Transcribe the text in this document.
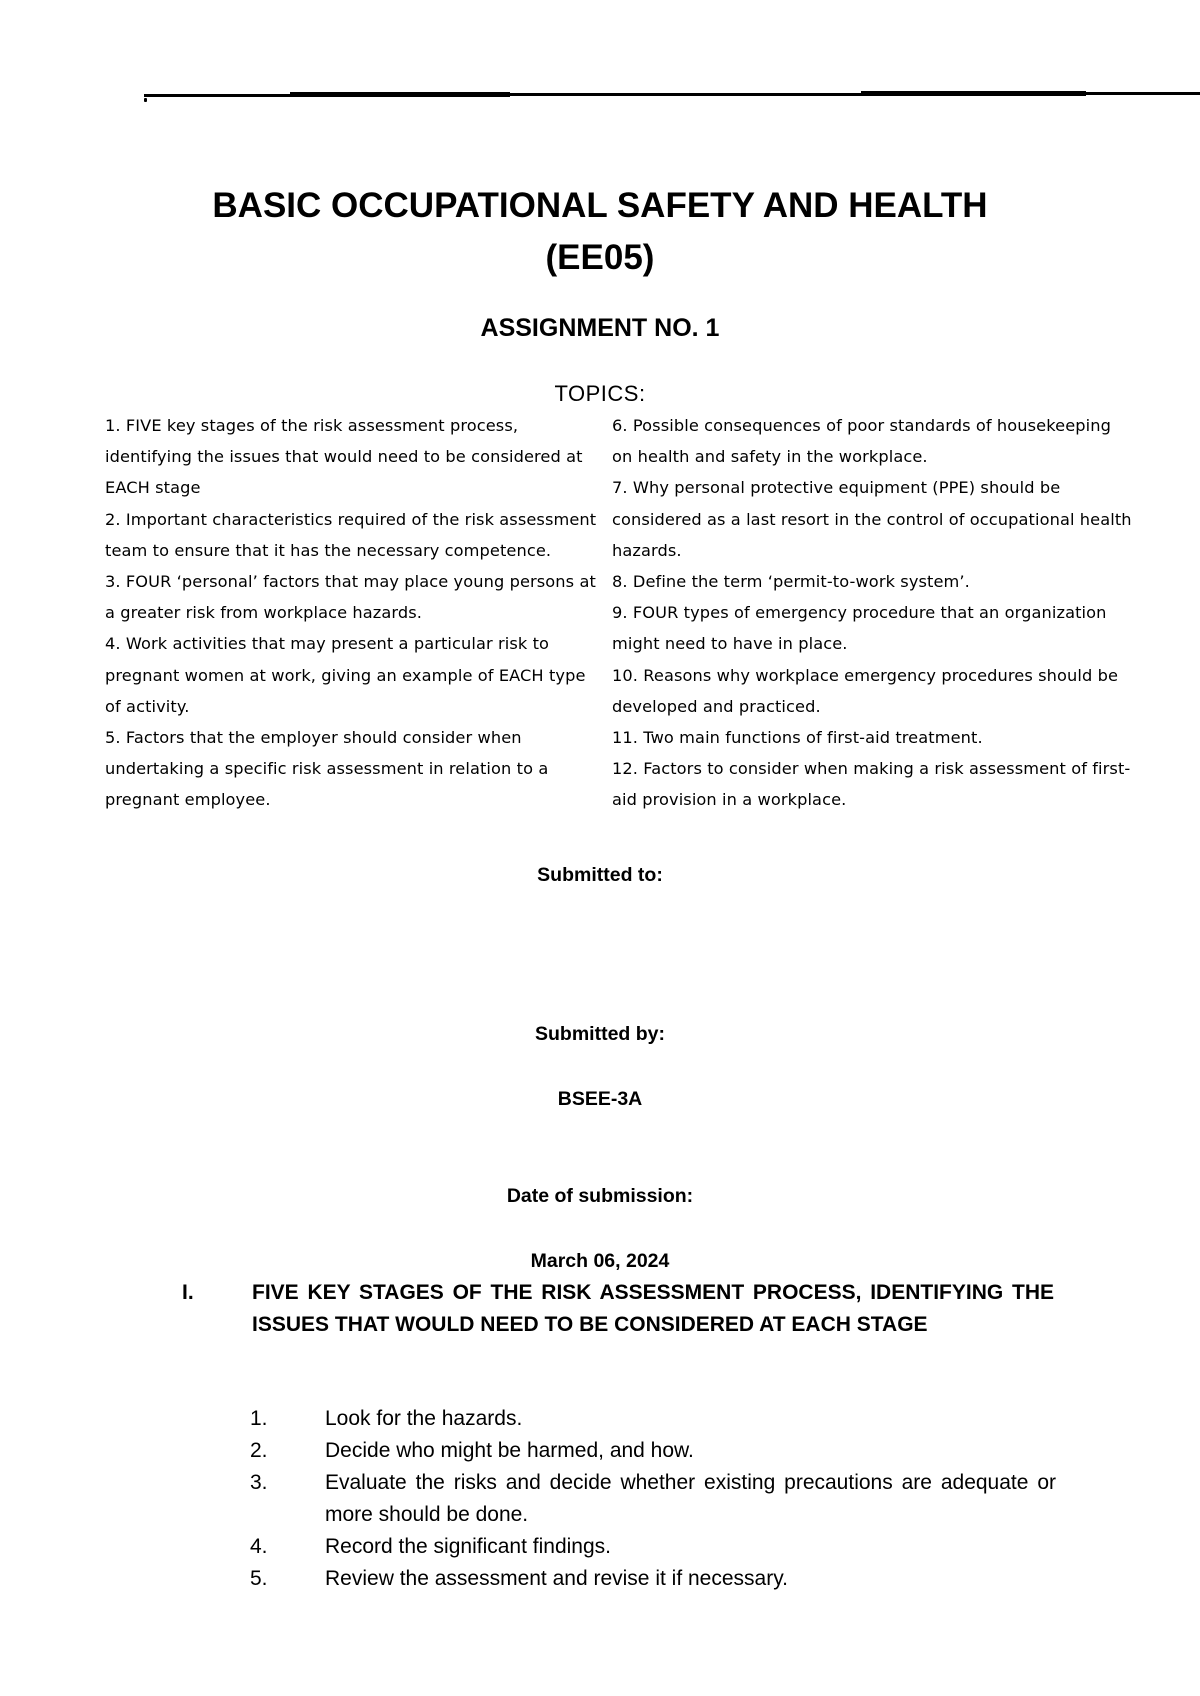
BASIC OCCUPATIONAL SAFETY AND HEALTH
(EE05)
ASSIGNMENT NO. 1
TOPICS:
1. FIVE key stages of the risk assessment process, identifying the issues that would need to be considered at EACH stage
2. Important characteristics required of the risk assessment team to ensure that it has the necessary competence.
3. FOUR ‘personal’ factors that may place young persons at a greater risk from workplace hazards.
4. Work activities that may present a particular risk to pregnant women at work, giving an example of EACH type of activity.
5. Factors that the employer should consider when undertaking a specific risk assessment in relation to a pregnant employee.
6. Possible consequences of poor standards of housekeeping on health and safety in the workplace.
7. Why personal protective equipment (PPE) should be considered as a last resort in the control of occupational health hazards.
8. Define the term ‘permit-to-work system’.
9. FOUR types of emergency procedure that an organization might need to have in place.
10. Reasons why workplace emergency procedures should be developed and practiced.
11. Two main functions of first-aid treatment.
12. Factors to consider when making a risk assessment of first-aid provision in a workplace.
Submitted to:
Submitted by:
BSEE-3A
Date of submission:
March 06, 2024
I.	FIVE KEY STAGES OF THE RISK ASSESSMENT PROCESS, IDENTIFYING THE ISSUES THAT WOULD NEED TO BE CONSIDERED AT EACH STAGE
1.	Look for the hazards.
2.	Decide who might be harmed, and how.
3.	Evaluate the risks and decide whether existing precautions are adequate or more should be done.
4.	Record the significant findings.
5.	Review the assessment and revise it if necessary.
